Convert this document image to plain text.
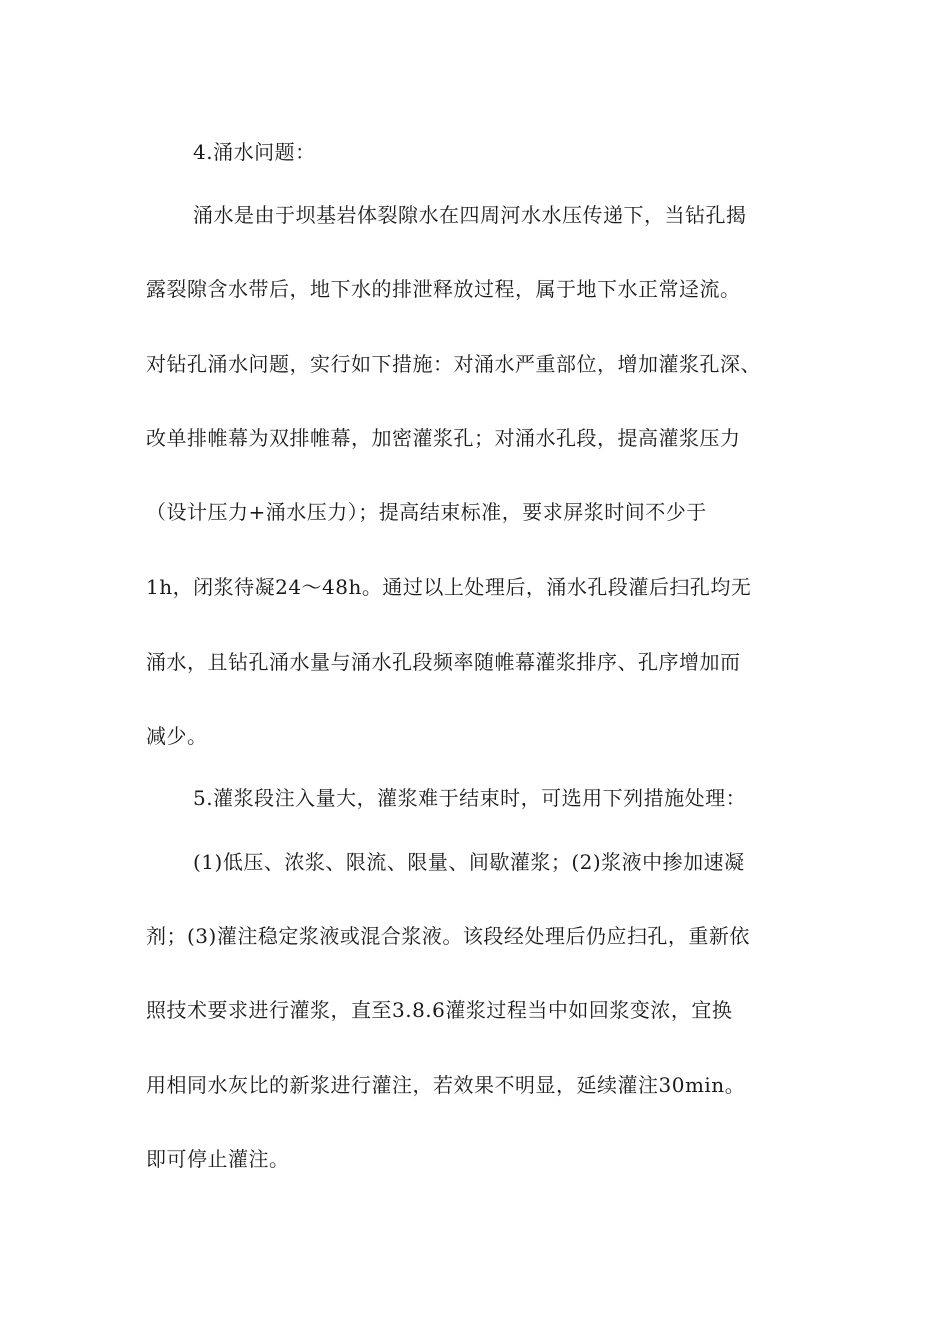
4.涌水问题：
涌水是由于坝基岩体裂隙水在四周河水水压传递下，当钻孔揭
露裂隙含水带后，地下水的排泄释放过程，属于地下水正常迳流。
对钻孔涌水问题，实行如下措施：对涌水严重部位，增加灌浆孔深、
改单排帷幕为双排帷幕，加密灌浆孔；对涌水孔段，提高灌浆压力
（设计压力+涌水压力）；提高结束标准，要求屏浆时间不少于
1h，闭浆待凝24～48h。通过以上处理后，涌水孔段灌后扫孔均无
涌水，且钻孔涌水量与涌水孔段频率随帷幕灌浆排序、孔序增加而
减少。
5.灌浆段注入量大，灌浆难于结束时，可选用下列措施处理：
(1)低压、浓浆、限流、限量、间歇灌浆；(2)浆液中掺加速凝
剂；(3)灌注稳定浆液或混合浆液。该段经处理后仍应扫孔，重新依
照技术要求进行灌浆，直至3.8.6灌浆过程当中如回浆变浓，宜换
用相同水灰比的新浆进行灌注，若效果不明显，延续灌注30min。
即可停止灌注。
